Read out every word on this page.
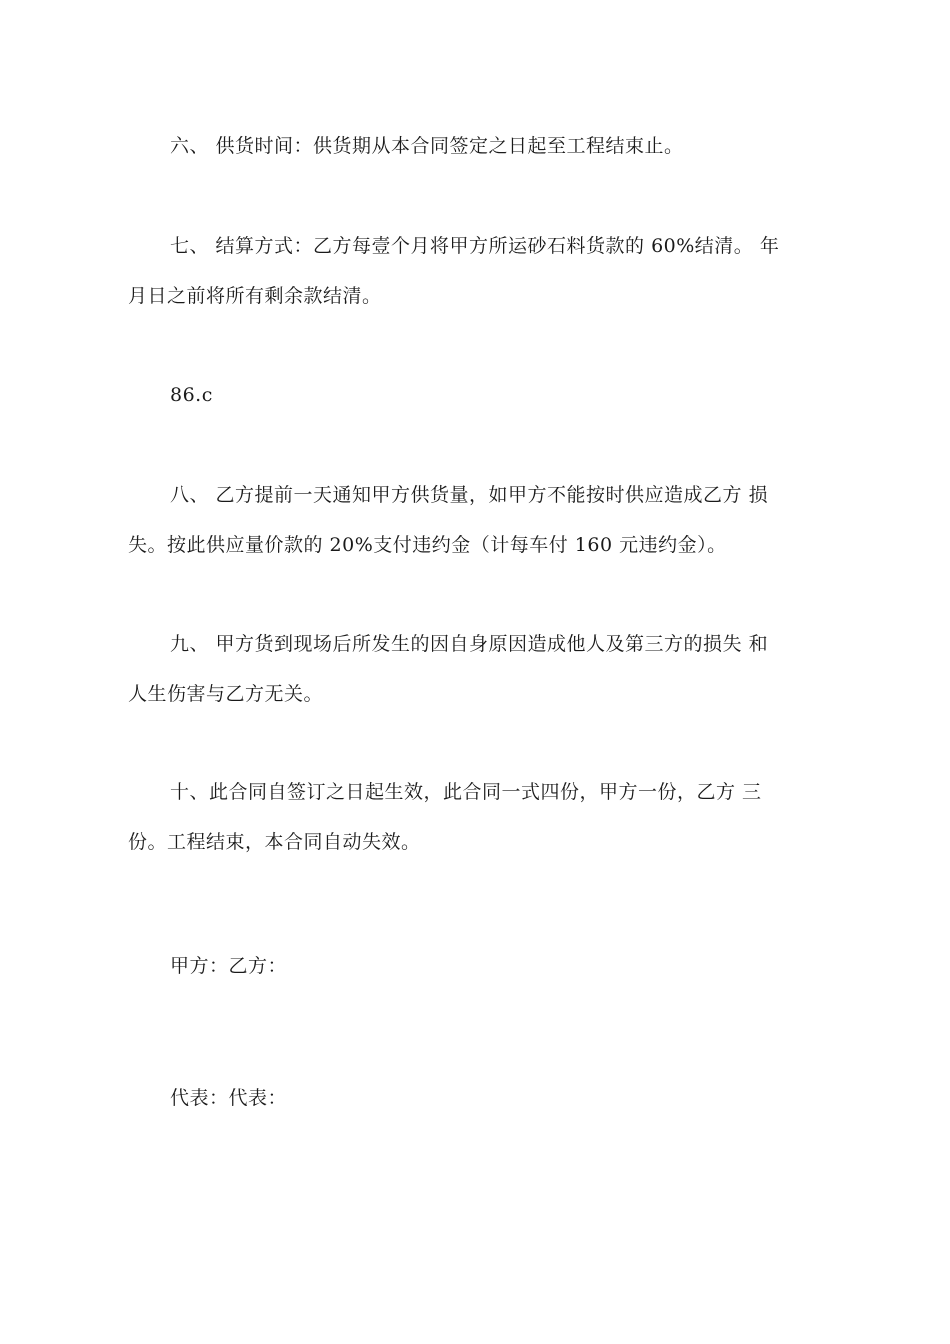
六、 供货时间：供货期从本合同签定之日起至工程结束止。
七、 结算方式：乙方每壹个月将甲方所运砂石料货款的 60%结清。 年
月日之前将所有剩余款结清。
86.c
八、 乙方提前一天通知甲方供货量，如甲方不能按时供应造成乙方 损
失。按此供应量价款的 20%支付违约金（计每车付 160 元违约金）。
九、 甲方货到现场后所发生的因自身原因造成他人及第三方的损失 和
人生伤害与乙方无关。
十、此合同自签订之日起生效，此合同一式四份，甲方一份，乙方 三
份。工程结束，本合同自动失效。
甲方：乙方：
代表：代表：
